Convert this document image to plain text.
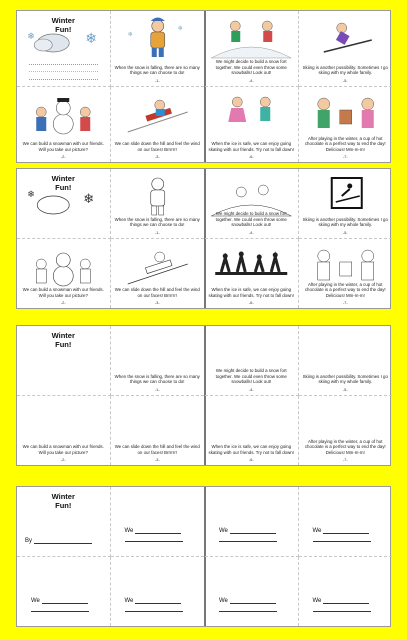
Winter
Fun!
❄
❄	❄
❄
When the snow is falling, there are so many things we can choose to do!
-1-
We can build a snowman with our friends. Will you take our picture?
-2-
We can slide down the hill and feel the wind on our faces! Brrrrrr!
-3-
We might decide to build a snow fort together. We could even throw some snowballs! Look out!
-4-
Skiing is another possibility. Sometimes I go skiing with my whole family.
-5-
When the ice is safe, we can enjoy going skating with our friends. Try not to fall down!
-6-
After playing in the winter, a cup of hot chocolate is a perfect way to end the day! Delicious! Mm-m-m!
-7-
Winter
Fun!
❄
❄
When the snow is falling, there are so many things we can choose to do!
-1-
We can build a snowman with our friends. Will you take our picture?
-2-
We can slide down the hill and feel the wind on our faces! Brrrrrr!
-3-
We might decide to build a snow fort together. We could even throw some snowballs! Look out!
-4-
Skiing is another possibility. Sometimes I go skiing with my whole family.
-5-
When the ice is safe, we can enjoy going skating with our friends. Try not to fall down!
-6-
After playing in the winter, a cup of hot chocolate is a perfect way to end the day! Delicious! Mm-m-m!
-7-
Winter
Fun!
When the snow is falling, there are so many things we can choose to do!
-1-
We can build a snowman with our friends. Will you take our picture?
-2-
We can slide down the hill and feel the wind on our faces! Brrrrrr!
-3-
We might decide to build a snow fort together. We could even throw some snowballs! Look out!
-4-
Skiing is another possibility. Sometimes I go skiing with my whole family.
-5-
When the ice is safe, we can enjoy going skating with our friends. Try not to fall down!
-6-
After playing in the winter, a cup of hot chocolate is a perfect way to end the day! Delicious! Mm-m-m!
-7-
Winter
Fun!
By
We
We	We
We	We
We	We
